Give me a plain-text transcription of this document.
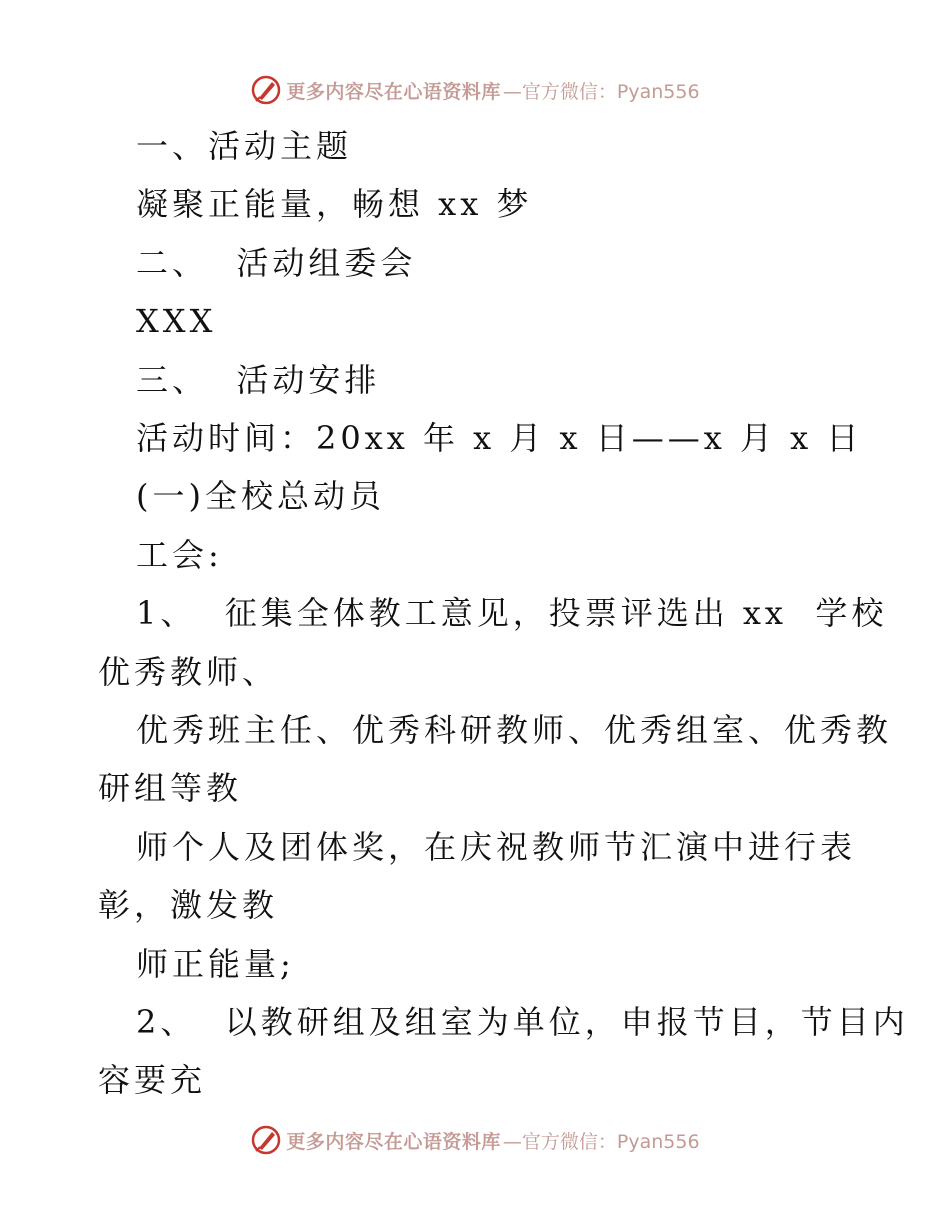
更多内容尽在心语资料库 —官方微信：Pyan556
一、活动主题
凝聚正能量，畅想 xx 梦
二、  活动组委会
XXX
三、  活动安排
活动时间：20xx 年 x 月 x 日——x 月 x 日
(一)全校总动员
工会:
1、  征集全体教工意见，投票评选出 xx  学校
优秀教师、
优秀班主任、优秀科研教师、优秀组室、优秀教
研组等教
师个人及团体奖，在庆祝教师节汇演中进行表
彰，激发教
师正能量;
2、  以教研组及组室为单位，申报节目，节目内
容要充
更多内容尽在心语资料库 —官方微信：Pyan556
